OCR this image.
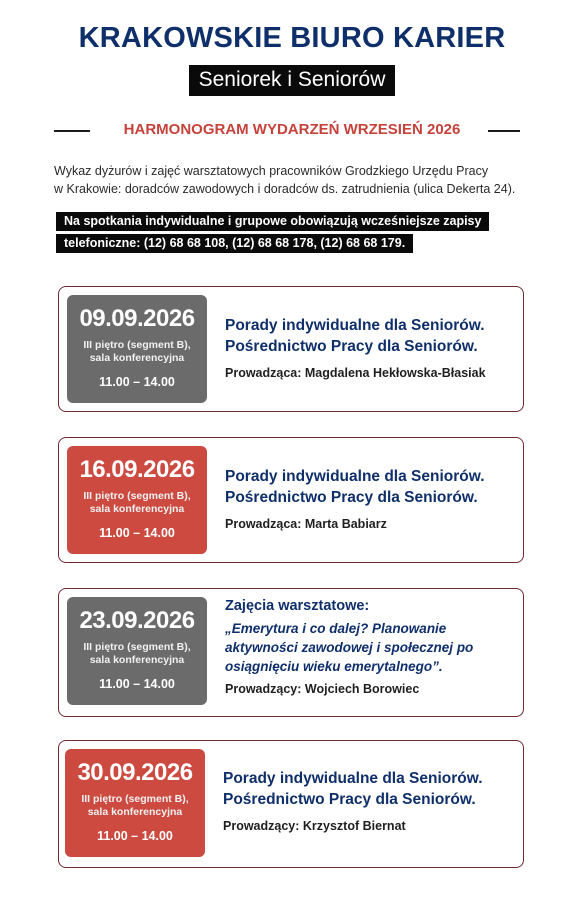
KRAKOWSKIE BIURO KARIER
Seniorek i Seniorów
HARMONOGRAM WYDARZEŃ WRZESIEŃ 2026
Wykaz dyżurów i zajęć warsztatowych pracowników Grodzkiego Urzędu Pracy
w Krakowie: doradców zawodowych i doradców ds. zatrudnienia (ulica Dekerta 24).
Na spotkania indywidualne i grupowe obowiązują wcześniejsze zapisy
telefoniczne: (12) 68 68 108, (12) 68 68 178, (12) 68 68 179.
09.09.2026
III piętro (segment B),
sala konferencyjna
11.00 – 14.00
Porady indywidualne dla Seniorów.
Pośrednictwo Pracy dla Seniorów.
Prowadząca: Magdalena Hekłowska-Błasiak
16.09.2026
III piętro (segment B),
sala konferencyjna
11.00 – 14.00
Porady indywidualne dla Seniorów.
Pośrednictwo Pracy dla Seniorów.
Prowadząca: Marta Babiarz
23.09.2026
III piętro (segment B),
sala konferencyjna
11.00 – 14.00
Zajęcia warsztatowe:
„Emerytura i co dalej? Planowanie
aktywności zawodowej i społecznej po
osiągnięciu wieku emerytalnego”.
Prowadzący: Wojciech Borowiec
30.09.2026
III piętro (segment B),
sala konferencyjna
11.00 – 14.00
Porady indywidualne dla Seniorów.
Pośrednictwo Pracy dla Seniorów.
Prowadzący: Krzysztof Biernat
